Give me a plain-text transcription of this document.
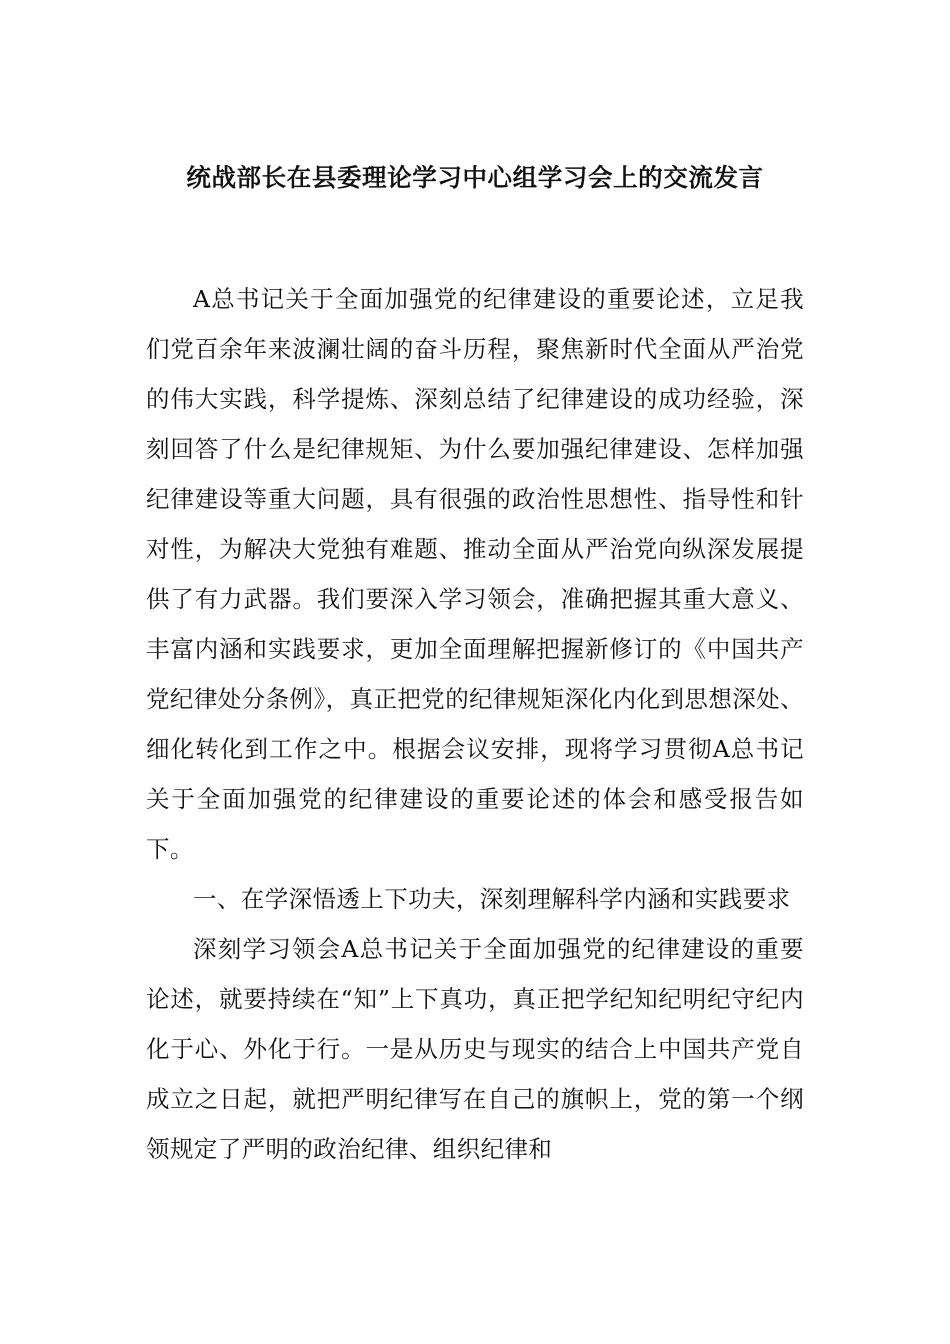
统战部长在县委理论学习中心组学习会上的交流发言

A总书记关于全面加强党的纪律建设的重要论述，立足我们党百余年来波澜壮阔的奋斗历程，聚焦新时代全面从严治党的伟大实践，科学提炼、深刻总结了纪律建设的成功经验，深刻回答了什么是纪律规矩、为什么要加强纪律建设、怎样加强纪律建设等重大问题，具有很强的政治性思想性、指导性和针对性，为解决大党独有难题、推动全面从严治党向纵深发展提供了有力武器。我们要深入学习领会，准确把握其重大意义、丰富内涵和实践要求，更加全面理解把握新修订的《中国共产党纪律处分条例》，真正把党的纪律规矩深化内化到思想深处、细化转化到工作之中。根据会议安排，现将学习贯彻A总书记关于全面加强党的纪律建设的重要论述的体会和感受报告如下。

一、在学深悟透上下功夫，深刻理解科学内涵和实践要求

深刻学习领会A总书记关于全面加强党的纪律建设的重要论述，就要持续在“知”上下真功，真正把学纪知纪明纪守纪内化于心、外化于行。一是从历史与现实的结合上中国共产党自成立之日起，就把严明纪律写在自己的旗帜上，党的第一个纲领规定了严明的政治纪律、组织纪律和
